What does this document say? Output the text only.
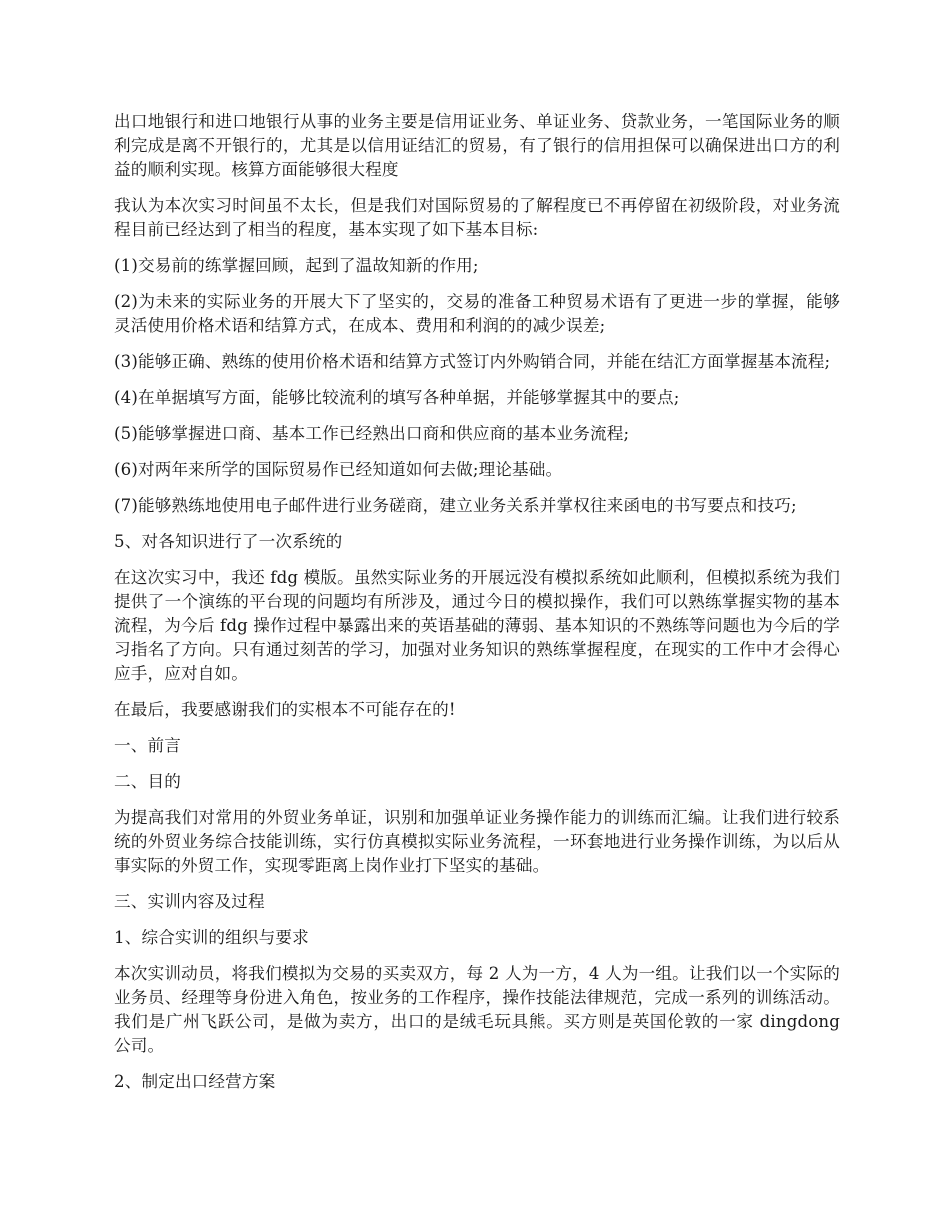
出口地银行和进口地银行从事的业务主要是信用证业务、单证业务、贷款业务，一笔国际业务的顺利完成是离不开银行的，尤其是以信用证结汇的贸易，有了银行的信用担保可以确保进出口方的利益的顺利实现。核算方面能够很大程度

我认为本次实习时间虽不太长，但是我们对国际贸易的了解程度已不再停留在初级阶段，对业务流程目前已经达到了相当的程度，基本实现了如下基本目标:

(1)交易前的练掌握回顾，起到了温故知新的作用;

(2)为未来的实际业务的开展大下了坚实的，交易的准备工种贸易术语有了更进一步的掌握，能够灵活使用价格术语和结算方式，在成本、费用和利润的的减少误差;

(3)能够正确、熟练的使用价格术语和结算方式签订内外购销合同，并能在结汇方面掌握基本流程;

(4)在单据填写方面，能够比较流利的填写各种单据，并能够掌握其中的要点;

(5)能够掌握进口商、基本工作已经熟出口商和供应商的基本业务流程;

(6)对两年来所学的国际贸易作已经知道如何去做;理论基础。

(7)能够熟练地使用电子邮件进行业务磋商，建立业务关系并掌权往来函电的书写要点和技巧;

5、对各知识进行了一次系统的

在这次实习中，我还 fdg 模版。虽然实际业务的开展远没有模拟系统如此顺利，但模拟系统为我们提供了一个演练的平台现的问题均有所涉及，通过今日的模拟操作，我们可以熟练掌握实物的基本流程，为今后 fdg 操作过程中暴露出来的英语基础的薄弱、基本知识的不熟练等问题也为今后的学习指名了方向。只有通过刻苦的学习，加强对业务知识的熟练掌握程度，在现实的工作中才会得心应手，应对自如。

在最后，我要感谢我们的实根本不可能存在的!

一、前言

二、目的

为提高我们对常用的外贸业务单证，识别和加强单证业务操作能力的训练而汇编。让我们进行较系统的外贸业务综合技能训练，实行仿真模拟实际业务流程，一环套地进行业务操作训练，为以后从事实际的外贸工作，实现零距离上岗作业打下坚实的基础。

三、实训内容及过程

1、综合实训的组织与要求

本次实训动员，将我们模拟为交易的买卖双方，每 2 人为一方，4 人为一组。让我们以一个实际的业务员、经理等身份进入角色，按业务的工作程序，操作技能法律规范，完成一系列的训练活动。我们是广州飞跃公司，是做为卖方，出口的是绒毛玩具熊。买方则是英国伦敦的一家 dingdong 公司。

2、制定出口经营方案
